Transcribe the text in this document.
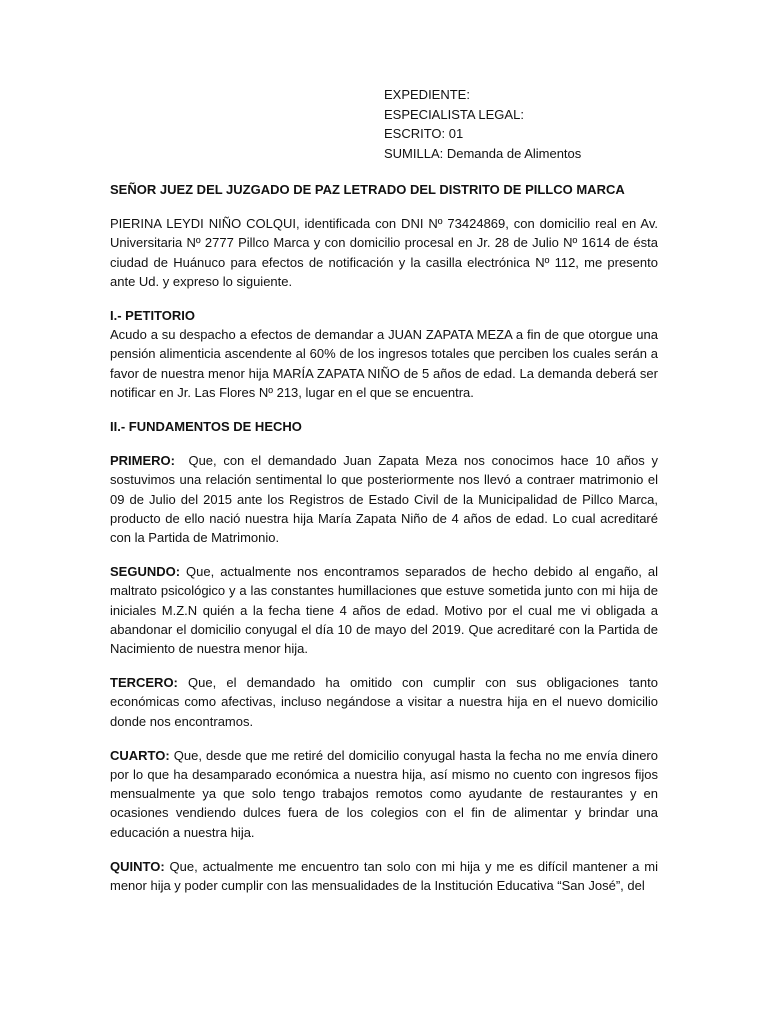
EXPEDIENTE:
ESPECIALISTA LEGAL:
ESCRITO: 01
SUMILLA: Demanda de Alimentos

SEÑOR JUEZ DEL JUZGADO DE PAZ LETRADO DEL DISTRITO DE PILLCO MARCA

PIERINA LEYDI NIÑO COLQUI, identificada con DNI Nº 73424869, con domicilio real en Av. Universitaria Nº 2777 Pillco Marca y con domicilio procesal en Jr. 28 de Julio Nº 1614 de ésta ciudad de Huánuco para efectos de notificación y la casilla electrónica Nº 112, me presento ante Ud. y expreso lo siguiente.

I.- PETITORIO

Acudo a su despacho a efectos de demandar a JUAN ZAPATA MEZA a fin de que otorgue una pensión alimenticia ascendente al 60% de los ingresos totales que perciben los cuales serán a favor de nuestra menor hija MARÍA ZAPATA NIÑO de 5 años de edad. La demanda deberá ser notificar en Jr. Las Flores Nº 213, lugar en el que se encuentra.

II.- FUNDAMENTOS DE HECHO

PRIMERO:  Que, con el demandado Juan Zapata Meza nos conocimos hace 10 años y sostuvimos una relación sentimental lo que posteriormente nos llevó a contraer matrimonio el 09 de Julio del 2015 ante los Registros de Estado Civil de la Municipalidad de Pillco Marca, producto de ello nació nuestra hija María Zapata Niño de 4 años de edad. Lo cual acreditaré con la Partida de Matrimonio.

SEGUNDO: Que, actualmente nos encontramos separados de hecho debido al engaño, al maltrato psicológico y a las constantes humillaciones que estuve sometida junto con mi hija de iniciales M.Z.N quién a la fecha tiene 4 años de edad. Motivo por el cual me vi obligada a abandonar el domicilio conyugal el día 10 de mayo del 2019. Que acreditaré con la Partida de Nacimiento de nuestra menor hija.

TERCERO: Que, el demandado ha omitido con cumplir con sus obligaciones tanto económicas como afectivas, incluso negándose a visitar a nuestra hija en el nuevo domicilio donde nos encontramos.

CUARTO: Que, desde que me retiré del domicilio conyugal hasta la fecha no me envía dinero por lo que ha desamparado económica a nuestra hija, así mismo no cuento con ingresos fijos mensualmente ya que solo tengo trabajos remotos como ayudante de restaurantes y en ocasiones vendiendo dulces fuera de los colegios con el fin de alimentar y brindar una educación a nuestra hija.

QUINTO: Que, actualmente me encuentro tan solo con mi hija y me es difícil mantener a mi menor hija y poder cumplir con las mensualidades de la Institución Educativa “San José”, del
